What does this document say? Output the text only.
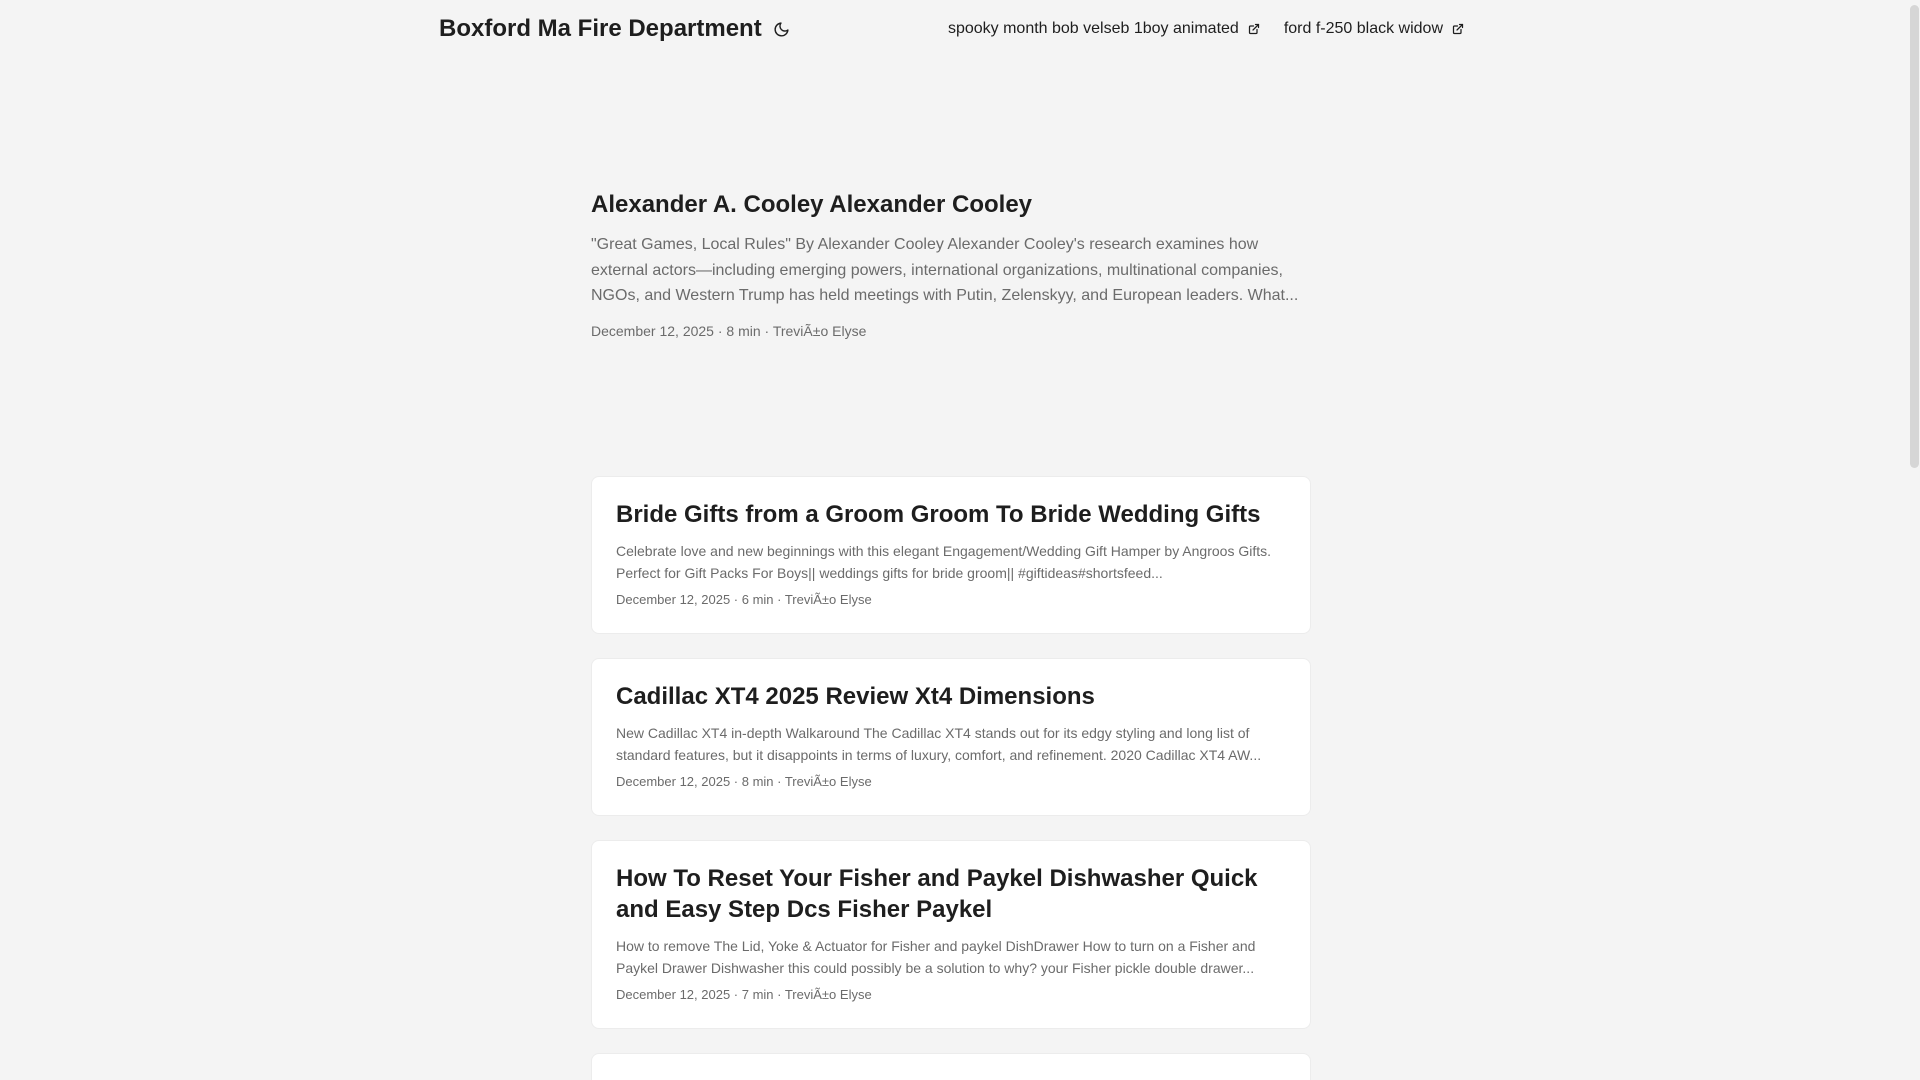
Boxford Ma Fire Department	spooky month bob velseb 1boy animated	ford f-250 black widow
Alexander A. Cooley Alexander Cooley

"Great Games, Local Rules" By Alexander Cooley Alexander Cooley's research examines how external actors—including emerging powers, international organizations, multinational companies, NGOs, and Western Trump has held meetings with Putin, Zelenskyy, and European leaders. What...

December 12, 2025 · 8 min · TreviÃ±o Elyse
Bride Gifts from a Groom Groom To Bride Wedding Gifts

Celebrate love and new beginnings with this elegant Engagement/Wedding Gift Hamper by Angroos Gifts. Perfect for Gift Packs For Boys|| weddings gifts for bride groom|| #giftideas#shortsfeed...

December 12, 2025 · 6 min · TreviÃ±o Elyse
Cadillac XT4 2025 Review Xt4 Dimensions

New Cadillac XT4 in-depth Walkaround The Cadillac XT4 stands out for its edgy styling and long list of standard features, but it disappoints in terms of luxury, comfort, and refinement. 2020 Cadillac XT4 AW...

December 12, 2025 · 8 min · TreviÃ±o Elyse
How To Reset Your Fisher and Paykel Dishwasher Quick and Easy Step Dcs Fisher Paykel

How to remove The Lid, Yoke & Actuator for Fisher and paykel DishDrawer How to turn on a Fisher and Paykel Drawer Dishwasher this could possibly be a solution to why? your Fisher pickle double drawer...

December 12, 2025 · 7 min · TreviÃ±o Elyse
